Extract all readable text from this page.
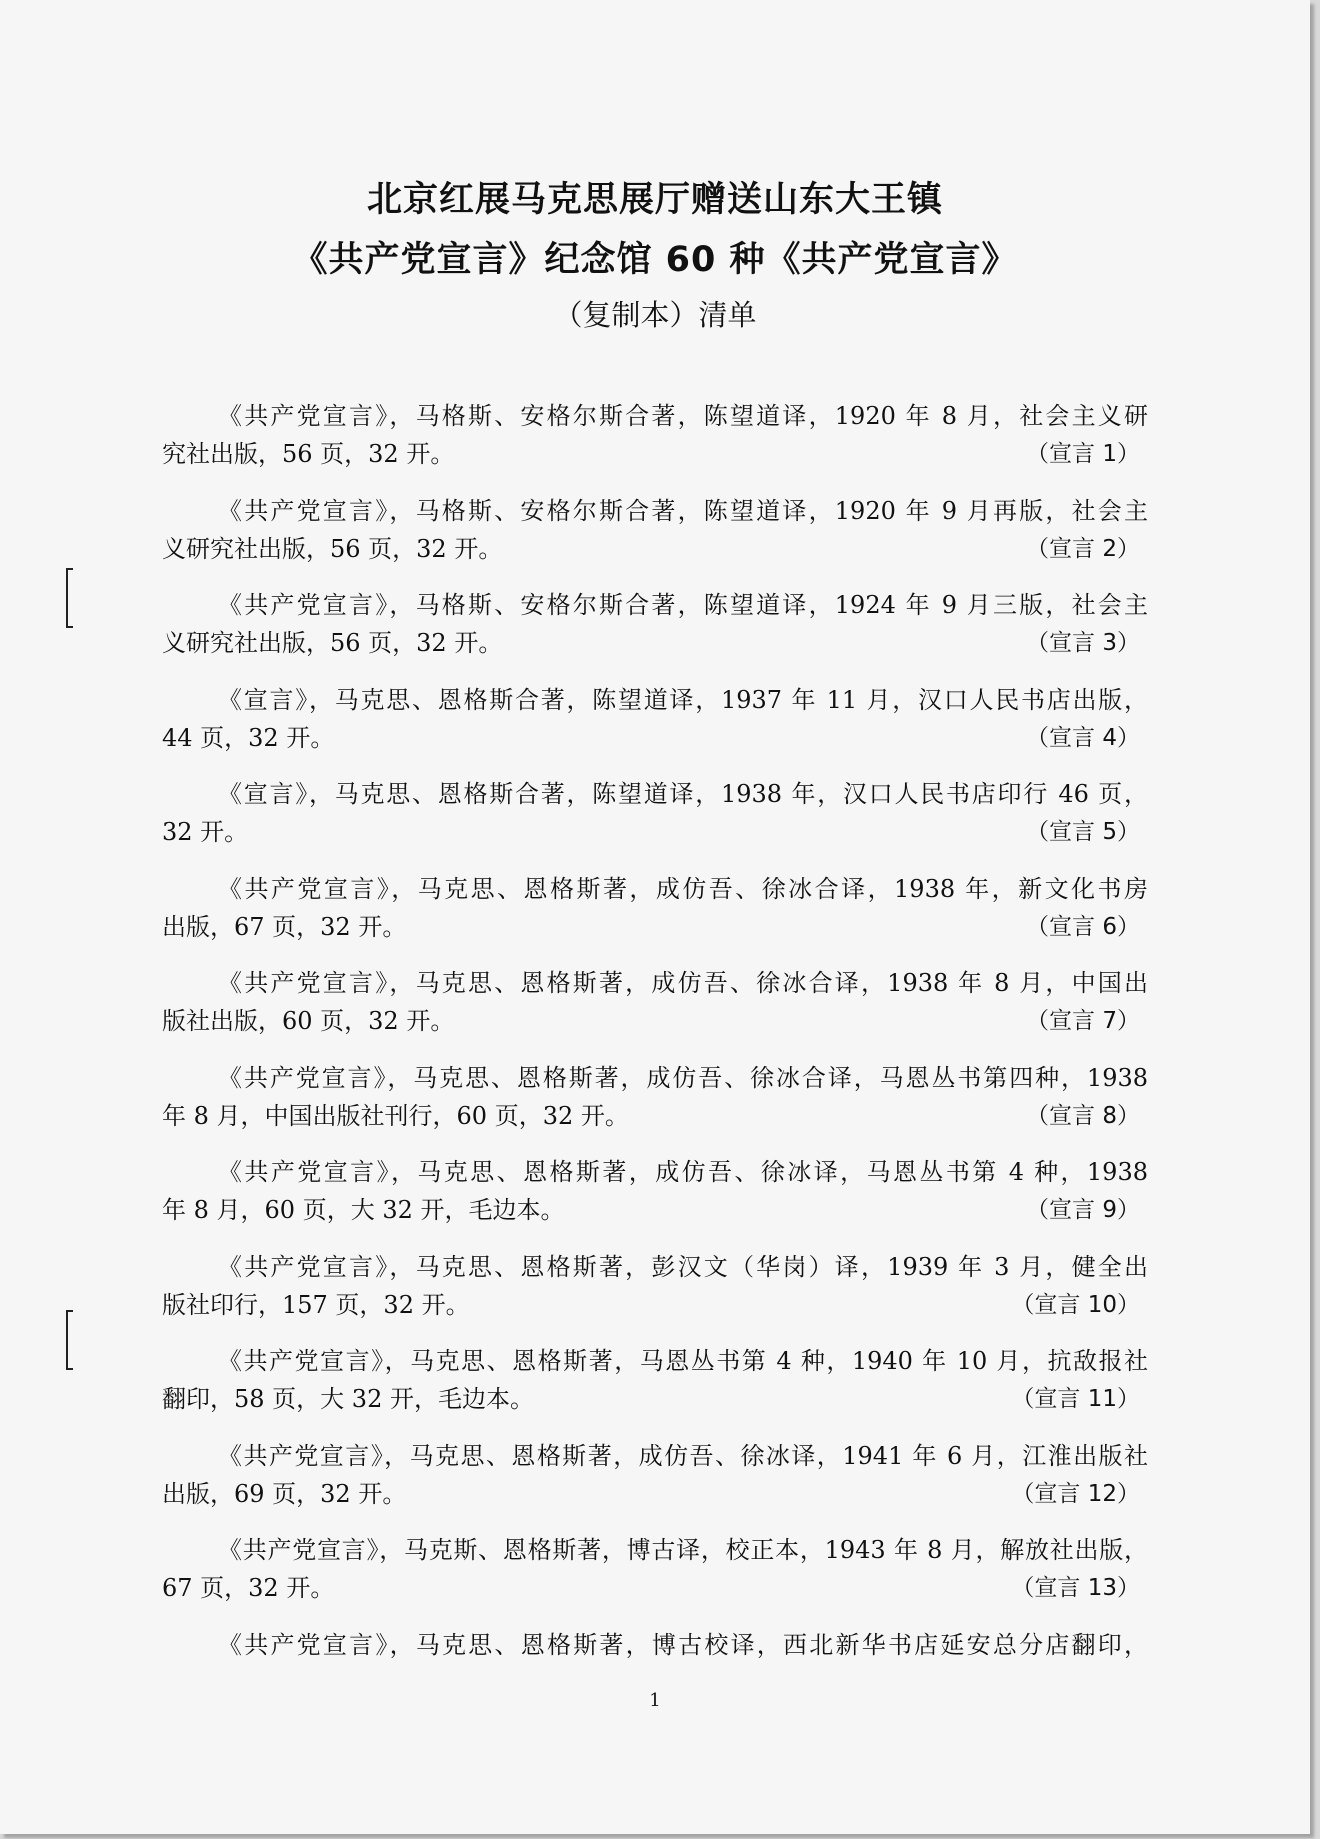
北京红展马克思展厅赠送山东大王镇
《共产党宣言》纪念馆 60 种《共产党宣言》
（复制本）清单
《共产党宣言》，马格斯、安格尔斯合著，陈望道译，1920 年 8 月，社会主义研
究社出版，56 页，32 开。	（宣言 1）
《共产党宣言》，马格斯、安格尔斯合著，陈望道译，1920 年 9 月再版，社会主
义研究社出版，56 页，32 开。	（宣言 2）
《共产党宣言》，马格斯、安格尔斯合著，陈望道译，1924 年 9 月三版，社会主
义研究社出版，56 页，32 开。	（宣言 3）
《宣言》，马克思、恩格斯合著，陈望道译，1937 年 11 月，汉口人民书店出版，
44 页，32 开。	（宣言 4）
《宣言》，马克思、恩格斯合著，陈望道译，1938 年，汉口人民书店印行 46 页，
32 开。	（宣言 5）
《共产党宣言》，马克思、恩格斯著，成仿吾、徐冰合译，1938 年，新文化书房
出版，67 页，32 开。	（宣言 6）
《共产党宣言》，马克思、恩格斯著，成仿吾、徐冰合译，1938 年 8 月，中国出
版社出版，60 页，32 开。	（宣言 7）
《共产党宣言》，马克思、恩格斯著，成仿吾、徐冰合译，马恩丛书第四种，1938
年 8 月，中国出版社刊行，60 页，32 开。	（宣言 8）
《共产党宣言》，马克思、恩格斯著，成仿吾、徐冰译，马恩丛书第 4 种，1938
年 8 月，60 页，大 32 开，毛边本。	（宣言 9）
《共产党宣言》，马克思、恩格斯著，彭汉文（华岗）译，1939 年 3 月，健全出
版社印行，157 页，32 开。	（宣言 10）
《共产党宣言》，马克思、恩格斯著，马恩丛书第 4 种，1940 年 10 月，抗敌报社
翻印，58 页，大 32 开，毛边本。	（宣言 11）
《共产党宣言》，马克思、恩格斯著，成仿吾、徐冰译，1941 年 6 月，江淮出版社
出版，69 页，32 开。	（宣言 12）
《共产党宣言》，马克斯、恩格斯著，博古译，校正本，1943 年 8 月，解放社出版，
67 页，32 开。	（宣言 13）
《共产党宣言》，马克思、恩格斯著，博古校译，西北新华书店延安总分店翻印，
1
